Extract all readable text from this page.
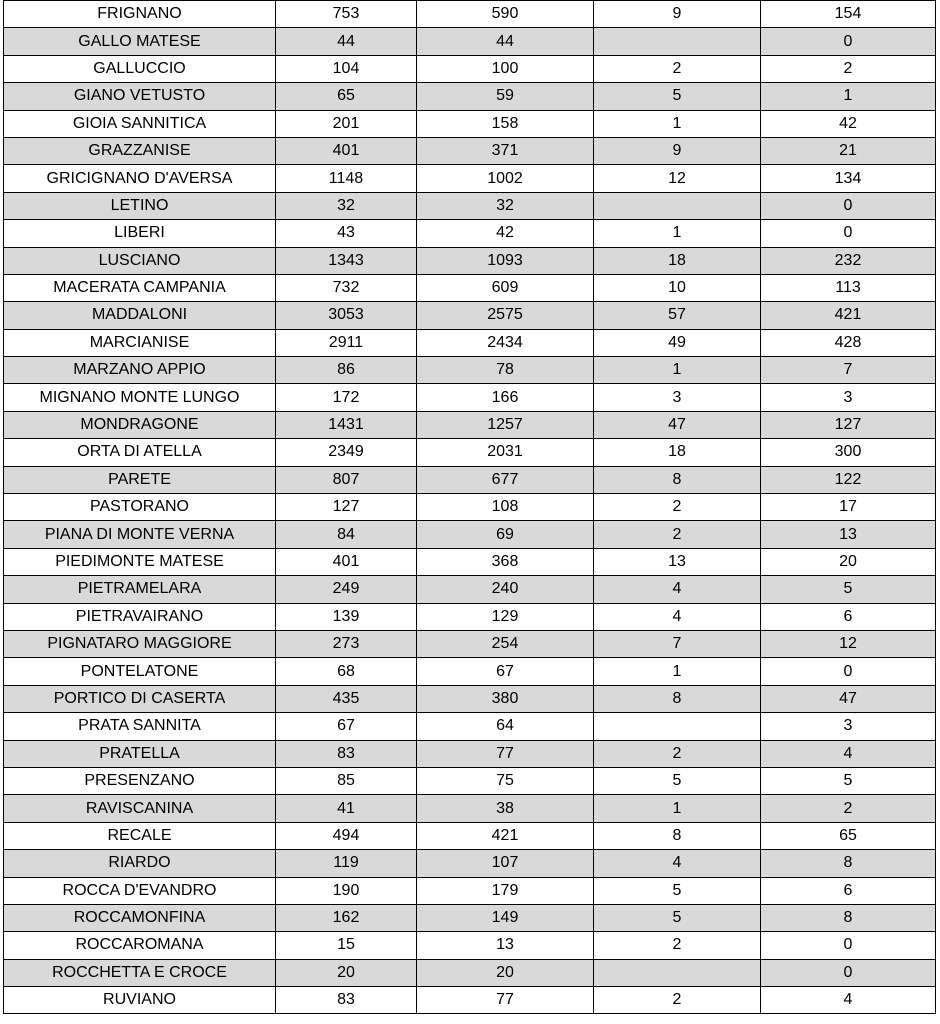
FRIGNANO	753	590	9	154
GALLO MATESE	44	44		0
GALLUCCIO	104	100	2	2
GIANO VETUSTO	65	59	5	1
GIOIA SANNITICA	201	158	1	42
GRAZZANISE	401	371	9	21
GRICIGNANO D'AVERSA	1148	1002	12	134
LETINO	32	32		0
LIBERI	43	42	1	0
LUSCIANO	1343	1093	18	232
MACERATA CAMPANIA	732	609	10	113
MADDALONI	3053	2575	57	421
MARCIANISE	2911	2434	49	428
MARZANO APPIO	86	78	1	7
MIGNANO MONTE LUNGO	172	166	3	3
MONDRAGONE	1431	1257	47	127
ORTA DI ATELLA	2349	2031	18	300
PARETE	807	677	8	122
PASTORANO	127	108	2	17
PIANA DI MONTE VERNA	84	69	2	13
PIEDIMONTE MATESE	401	368	13	20
PIETRAMELARA	249	240	4	5
PIETRAVAIRANO	139	129	4	6
PIGNATARO MAGGIORE	273	254	7	12
PONTELATONE	68	67	1	0
PORTICO DI CASERTA	435	380	8	47
PRATA SANNITA	67	64		3
PRATELLA	83	77	2	4
PRESENZANO	85	75	5	5
RAVISCANINA	41	38	1	2
RECALE	494	421	8	65
RIARDO	119	107	4	8
ROCCA D'EVANDRO	190	179	5	6
ROCCAMONFINA	162	149	5	8
ROCCAROMANA	15	13	2	0
ROCCHETTA E CROCE	20	20		0
RUVIANO	83	77	2	4
